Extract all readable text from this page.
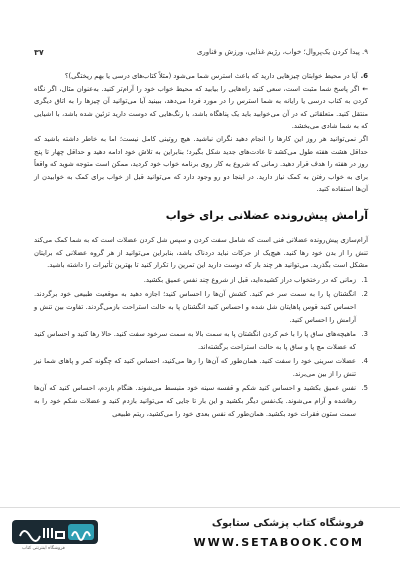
۹. پیدا کردن یک‌پروال؛ خواب، رژیم غذایی، ورزش و فناوری
۳۷

6.آیا در محیط خوابتان چیزهایی دارید که باعث استرس شما می‌شود (مثلاً کتاب‌های درسی یا بهم ریختگی)؟

←اگر پاسخ شما مثبت است، سعی کنید راه‌هایی را بیابید که محیط خواب خود را آرام‌تر کنید. به‌عنوان مثال، اگر نگاه کردن به کتاب درسی یا رایانه به شما استرس را در مورد فردا می‌دهد، ببینید آیا می‌توانید آن چیزها را به اتاق دیگری منتقل کنید. متعلقاتی که در آن می‌خوابید باید یک پناهگاه باشد، با رنگ‌هایی که دوست دارید تزئین شده باشد، با اشیایی که به شما شادی می‌بخشد.

اگر نمی‌توانید هر روز این کارها را انجام دهید نگران نباشید. هیچ روتینی کامل نیست؛ اما به خاطر داشته باشید که حداقل هشت هفته طول می‌کشد تا عادت‌های جدید شکل بگیرد؛ بنابراین به تلاش خود ادامه دهید و حداقل چهار تا پنج روز در هفته را هدف قرار دهید. زمانی که شروع به کار روی برنامه خواب خود کردید، ممکن است متوجه شوید که واقعاً برای به خواب رفتن به کمک نیاز دارید. در اینجا دو رو وجود دارد که می‌توانید قبل از خواب برای کمک به خوابیدن از آن‌ها استفاده کنید.

آرامش پیش‌رونده عضلانی برای خواب

آرام‌سازی پیش‌رونده عضلانی فنی است که شامل سفت کردن و سپس شل کردن عضلات است که به شما کمک می‌کند تنش را از بدن خود رها کنید. هیچ‌یک از حرکات نباید دردناک باشد، بنابراین می‌توانید از هر گروه عضلانی که برایتان مشکل است بگذرید. می‌توانید هر چند بار که دوست دارید این تمرین را تکرار کنید تا بهترین تأثیرات را داشته باشید.

1.
زمانی که در رختخواب دراز کشیده‌اید، قبل از شروع چند نفس عمیق بکشید.
2.
انگشتان پا را به سمت سر خم کنید. کشش آن‌ها را احساس کنید؛ اجازه دهید به موقعیت طبیعی خود برگردند. احساس کنید قوس پاهایتان شل شده و احساس کنید انگشتان پا به حالت استراحت بازمی‌گردند. تفاوت بین تنش و آرامش را احساس کنید.
3.
ماهیچه‌های ساق پا را با خم کردن انگشتان پا به سمت بالا به سمت سرخود سفت کنید. حالا رها کنید و احساس کنید که عضلات مچ پا و ساق پا به حالت استراحت برگشته‌اند.
4.
عضلات سرینی خود را سفت کنید. همان‌طور که آن‌ها را رها می‌کنید، احساس کنید که چگونه کمر و پاهای شما نیز تنش را از بین می‌برند.
5.
نفس عمیق بکشید و احساس کنید شکم و قفسه سینه خود منبسط می‌شوند. هنگام بازدم، احساس کنید که آن‌ها رهاشده و آرام می‌شوند. یک‌نفس دیگر بکشید و این بار تا جایی که می‌توانید بازدم کنید و عضلات شکم خود را به سمت ستون فقرات خود بکشید. همان‌طور که نفس بعدی خود را می‌کشید، ریتم طبیعی
فروشگاه کتاب پزشکی ستابوک
WWW.SETABOOK.COM
فروشگاه اینترنتی کتاب
